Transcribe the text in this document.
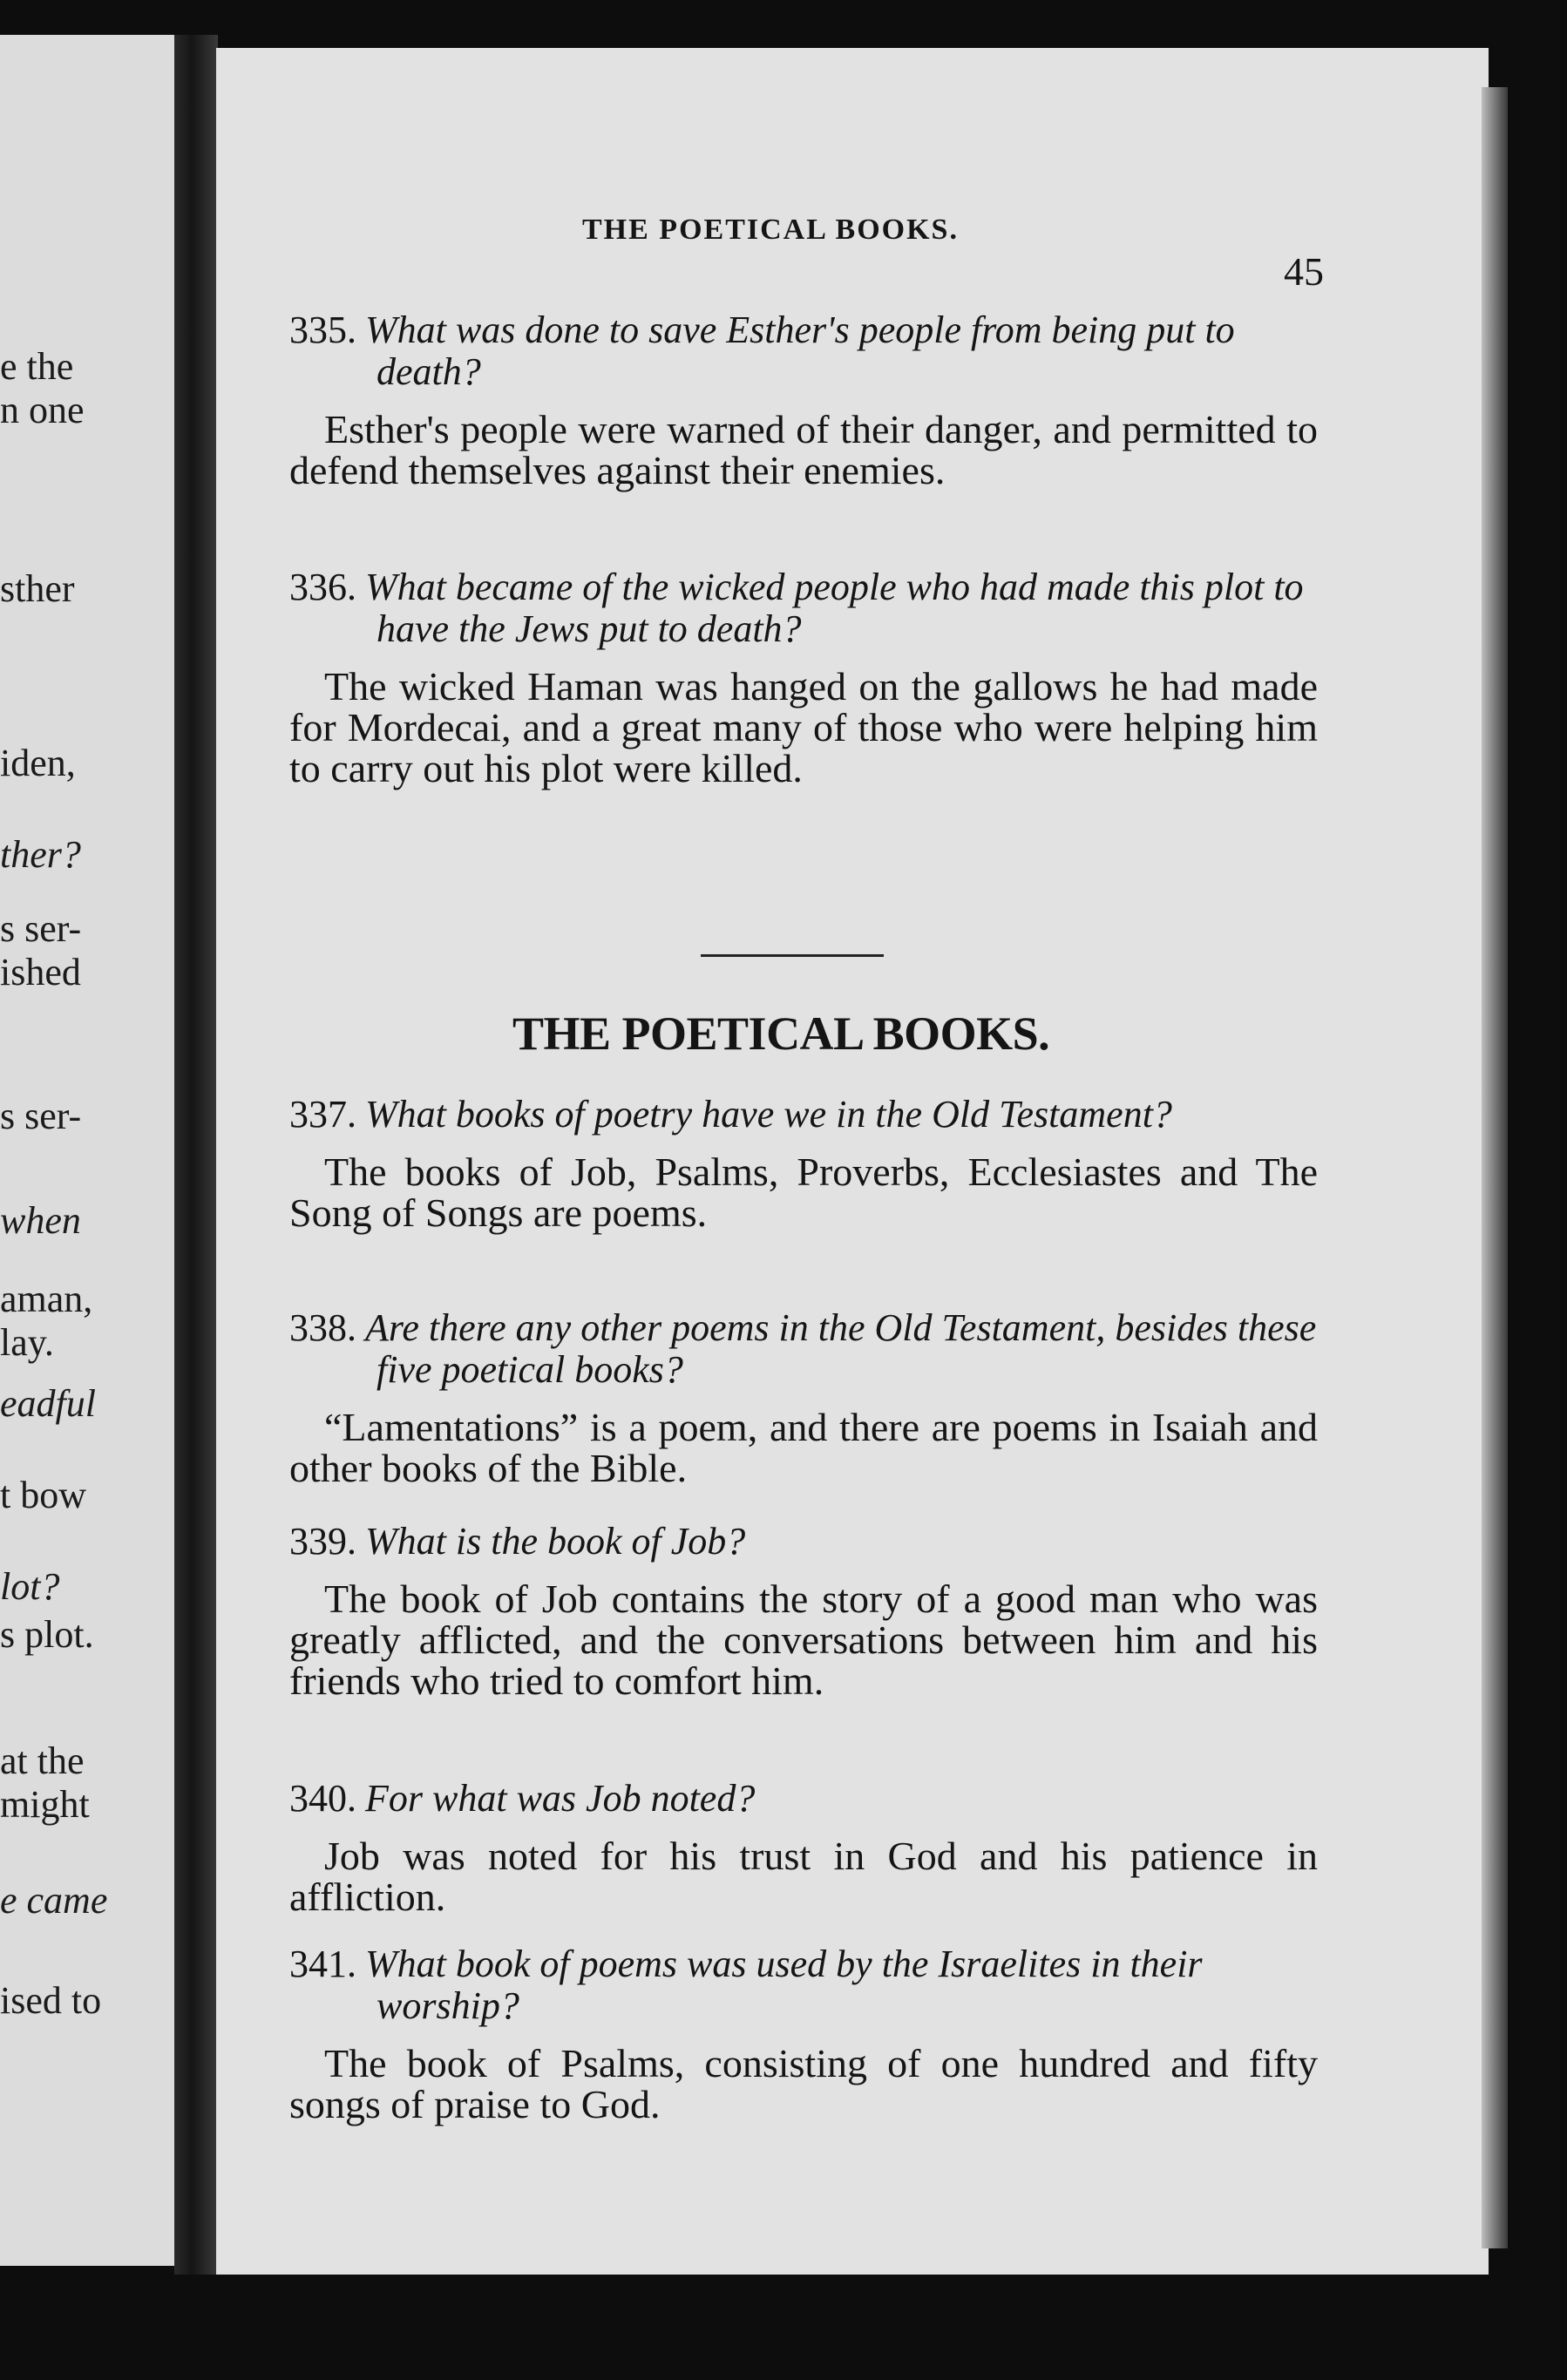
e the
n one
sther
iden,
ther?
s ser-
ished
s ser-
when
aman,
lay.
eadful
t bow
lot?
s plot.
at the
might
e came
ised to
THE POETICAL BOOKS.
45
335. What was done to save Esther's people from being put to death?
Esther's people were warned of their danger, and permitted to defend themselves against their enemies.
336. What became of the wicked people who had made this plot to have the Jews put to death?
The wicked Haman was hanged on the gallows he had made for Mordecai, and a great many of those who were helping him to carry out his plot were killed.
THE POETICAL BOOKS.
337. What books of poetry have we in the Old Testament?
The books of Job, Psalms, Proverbs, Ecclesiastes and The Song of Songs are poems.
338. Are there any other poems in the Old Testament, besides these five poetical books?
“Lamentations” is a poem, and there are poems in Isaiah and other books of the Bible.
339. What is the book of Job?
The book of Job contains the story of a good man who was greatly afflicted, and the conversations between him and his friends who tried to comfort him.
340. For what was Job noted?
Job was noted for his trust in God and his patience in affliction.
341. What book of poems was used by the Israelites in their worship?
The book of Psalms, consisting of one hundred and fifty songs of praise to God.
